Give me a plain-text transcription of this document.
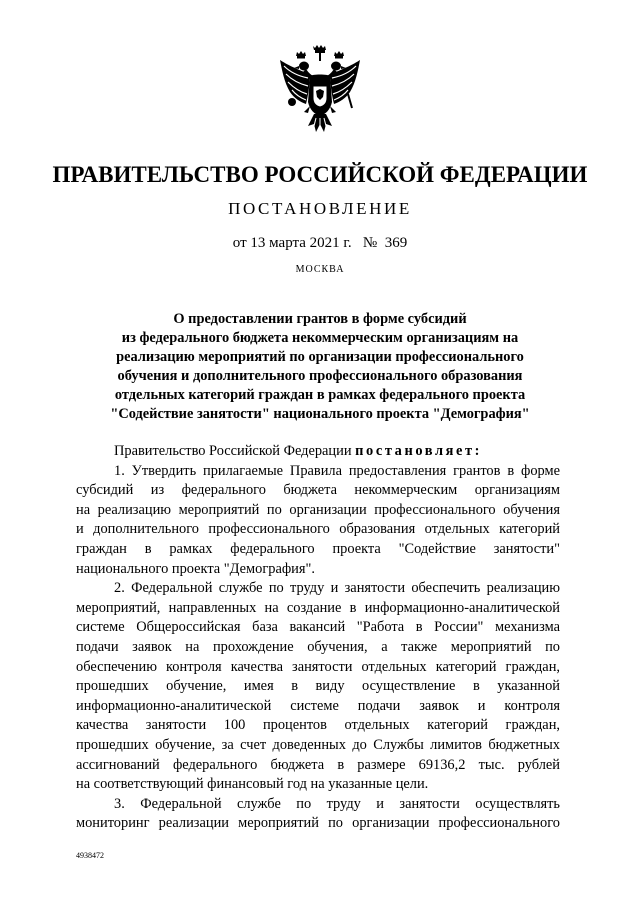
ПРАВИТЕЛЬСТВО РОССИЙСКОЙ ФЕДЕРАЦИИ
ПОСТАНОВЛЕНИЕ
от 13 марта 2021 г. № 369
МОСКВА
О предоставлении грантов в форме субсидий
из федерального бюджета некоммерческим организациям на
реализацию мероприятий по организации профессионального
обучения и дополнительного профессионального образования
отдельных категорий граждан в рамках федерального проекта
"Содействие занятости" национального проекта "Демография"
Правительство Российской Федерации постановляет:
1. Утвердить прилагаемые Правила предоставления грантов в форме
субсидий из федерального бюджета некоммерческим организациям
на реализацию мероприятий по организации профессионального обучения
и дополнительного профессионального образования отдельных категорий
граждан в рамках федерального проекта "Содействие занятости"
национального проекта "Демография".
2. Федеральной службе по труду и занятости обеспечить реализацию
мероприятий, направленных на создание в информационно-аналитической
системе Общероссийская база вакансий "Работа в России" механизма
подачи заявок на прохождение обучения, а также мероприятий по
обеспечению контроля качества занятости отдельных категорий граждан,
прошедших обучение, имея в виду осуществление в указанной
информационно-аналитической системе подачи заявок и контроля
качества занятости 100 процентов отдельных категорий граждан,
прошедших обучение, за счет доведенных до Службы лимитов бюджетных
ассигнований федерального бюджета в размере 69136,2 тыс. рублей
на соответствующий финансовый год на указанные цели.
3. Федеральной службе по труду и занятости осуществлять
мониторинг реализации мероприятий по организации профессионального
4938472
